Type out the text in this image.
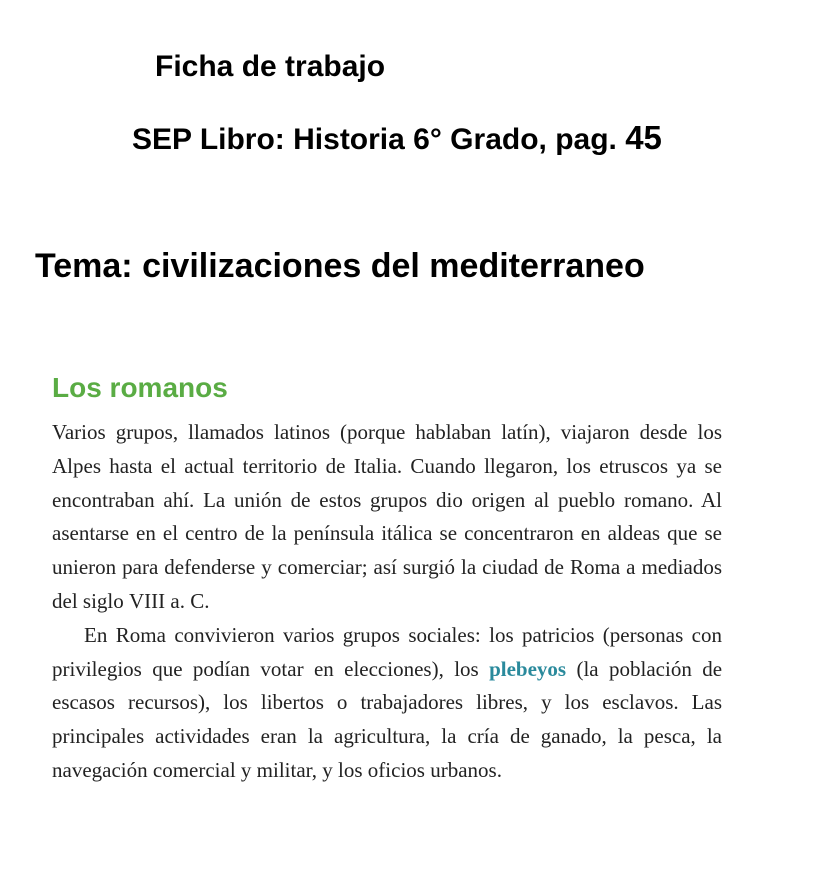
Ficha de trabajo
SEP Libro: Historia 6° Grado, pag. 45
Tema: civilizaciones del mediterraneo
Los romanos

Varios grupos, llamados latinos (porque hablaban latín), viajaron desde los Alpes hasta el actual territorio de Italia. Cuando llegaron, los etruscos ya se encontraban ahí. La unión de estos grupos dio origen al pueblo romano. Al asentarse en el centro de la península itálica se concentraron en aldeas que se unieron para defenderse y comerciar; así surgió la ciudad de Roma a mediados del siglo VIII a. C.

En Roma convivieron varios grupos sociales: los patricios (personas con privilegios que podían votar en elecciones), los plebeyos (la población de escasos recursos), los libertos o trabajadores libres, y los esclavos. Las principales actividades eran la agricultura, la cría de ganado, la pesca, la navegación comercial y militar, y los oficios urbanos.
